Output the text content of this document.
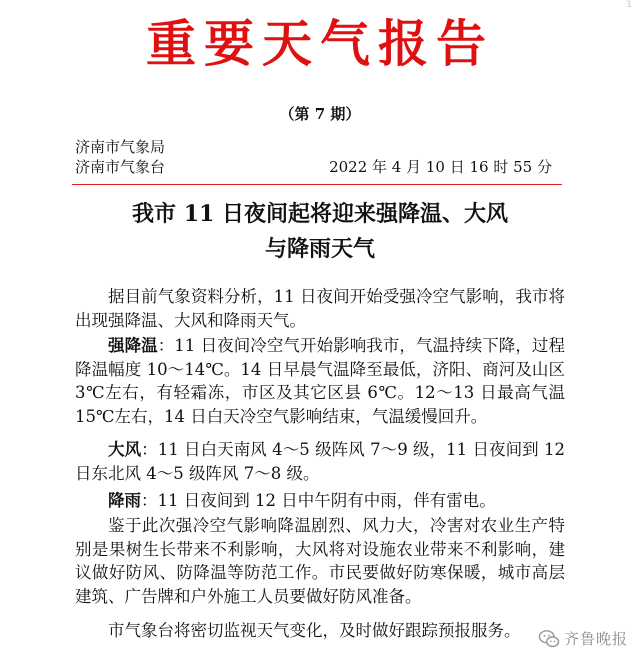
1
重要天气报告
（第 7 期）
济南市气象局
济南市气象台	2022 年 4 月 10 日 16 时 55 分
我市 11 日夜间起将迎来强降温、大风
与降雨天气

据目前气象资料分析，11 日夜间开始受强冷空气影响，我市将出现强降温、大风和降雨天气。

强降温：11 日夜间冷空气开始影响我市，气温持续下降，过程降温幅度 10～14℃。14 日早晨气温降至最低，济阳、商河及山区 3℃左右，有轻霜冻，市区及其它区县 6℃。12～13 日最高气温 15℃左右，14 日白天冷空气影响结束，气温缓慢回升。

大风：11 日白天南风 4～5 级阵风 7～9 级，11 日夜间到 12 日东北风 4～5 级阵风 7～8 级。

降雨：11 日夜间到 12 日中午阴有中雨，伴有雷电。

鉴于此次强冷空气影响降温剧烈、风力大，冷害对农业生产特别是果树生长带来不利影响，大风将对设施农业带来不利影响，建议做好防风、防降温等防范工作。市民要做好防寒保暖，城市高层建筑、广告牌和户外施工人员要做好防风准备。

市气象台将密切监视天气变化，及时做好跟踪预报服务。	齐鲁晚报
